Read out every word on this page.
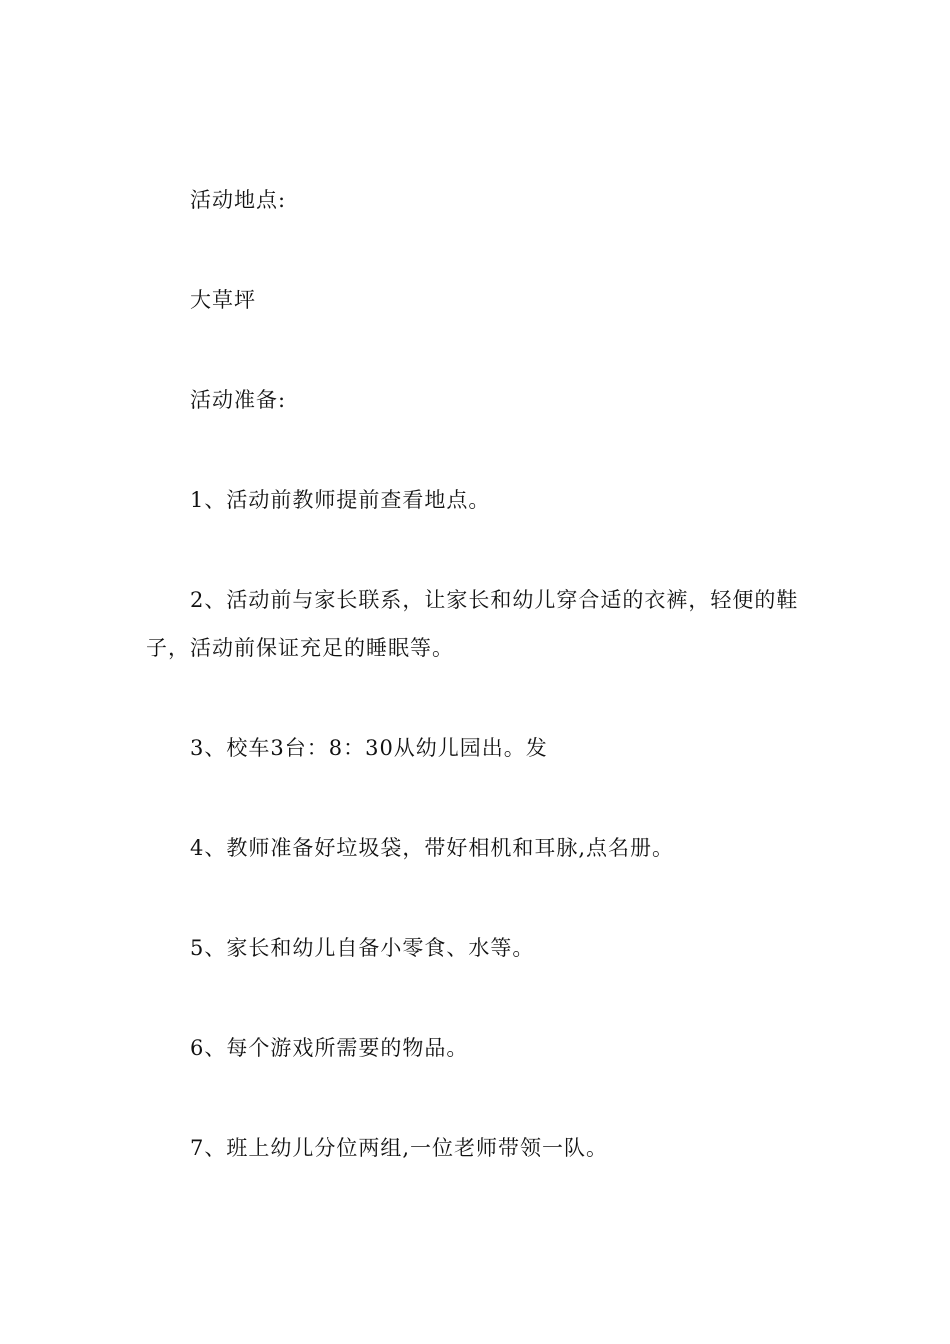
活动地点:

大草坪

活动准备:

1、活动前教师提前查看地点。

2、活动前与家长联系，让家长和幼儿穿合适的衣裤，轻便的鞋子，活动前保证充足的睡眠等。

3、校车3台：8：30从幼儿园出。发

4、教师准备好垃圾袋，带好相机和耳脉,点名册。

5、家长和幼儿自备小零食、水等。

6、每个游戏所需要的物品。

7、班上幼儿分位两组,一位老师带领一队。
